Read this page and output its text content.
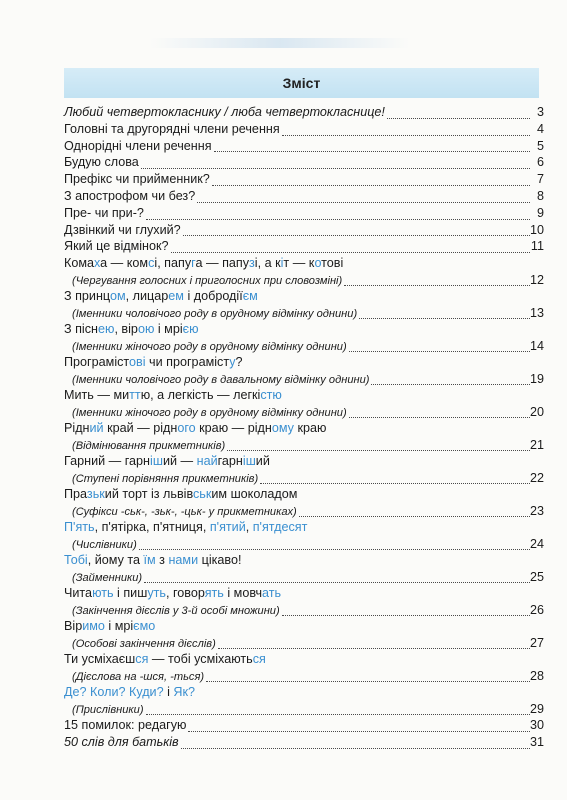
Зміст
Любий четвертокласнику / люба четвертокласнице!	3
Головні та другорядні члени речення	4
Однорідні члени речення	5
Будую слова	6
Префікс чи прийменник?	7
З апострофом чи без?	8
Пре- чи при-?	9
Дзвінкий чи глухий?	10
Який це відмінок?	11
Комаха — комсі, папуга — папузі, а кіт — котові
(Чергування голосних і приголосних при словозміні)	12
З принцом, лицарем і добродіїєм
(Іменники чоловічого роду в орудному відмінку однини)	13
З піснею, вірою і мрією
(Іменники жіночого роду в орудному відмінку однини)	14
Програмістові чи програмісту?
(Іменники чоловічого роду в давальному відмінку однини)	19
Мить — миттю, а легкість — легкістю
(Іменники жіночого роду в орудному відмінку однини)	20
Рідний край — рідного краю — рідному краю
(Відмінювання прикметників)	21
Гарний — гарніший — найгарніший
(Ступені порівняння прикметників)	22
Празький торт із львівським шоколадом
(Суфікси -ськ-, -зьк-, -цьк- у прикметниках)	23
П'ять, п'ятірка, п'ятниця, п'ятий, п'ятдесят
(Числівники)	24
Тобі, йому та їм з нами цікаво!
(Займенники)	25
Читають і пишуть, говорять і мовчать
(Закінчення дієслів у 3-й особі множини)	26
Віримо і мріємо
(Особові закінчення дієслів)	27
Ти усміхаєшся — тобі усміхаються
(Дієслова на -шся, -ться)	28
Де? Коли? Куди? і Як?
(Прислівники)	29
15 помилок: редагую	30
50 слів для батьків	31
